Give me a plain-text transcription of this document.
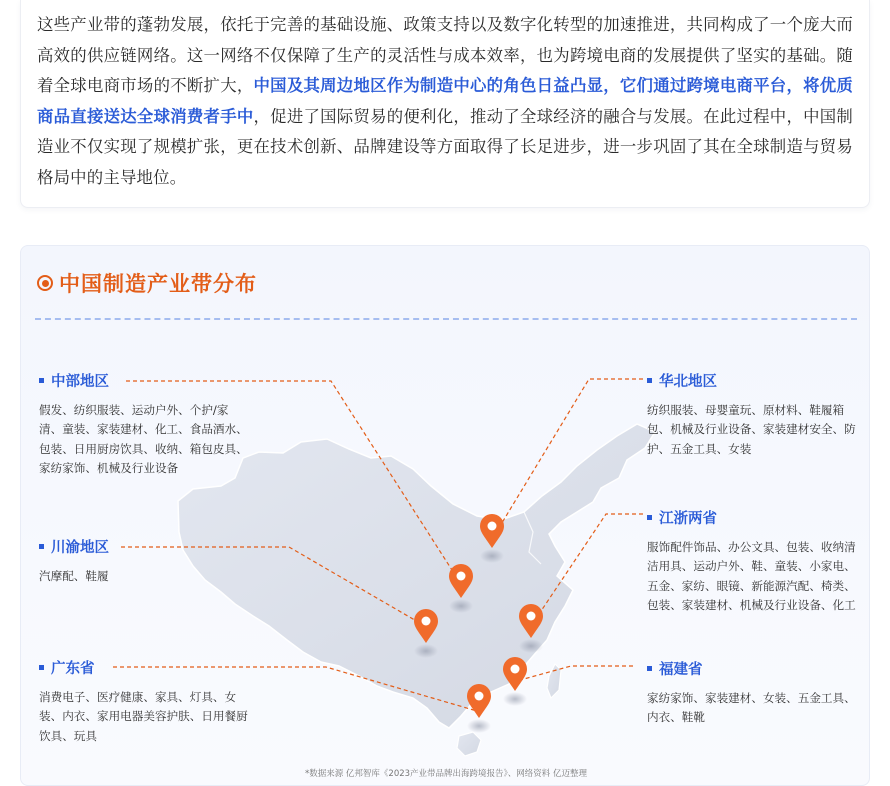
这些产业带的蓬勃发展，依托于完善的基础设施、政策支持以及数字化转型的加速推进，共同构成了一个庞大而高效的供应链网络。这一网络不仅保障了生产的灵活性与成本效率，也为跨境电商的发展提供了坚实的基础。随着全球电商市场的不断扩大，中国及其周边地区作为制造中心的角色日益凸显，它们通过跨境电商平台，将优质商品直接送达全球消费者手中，促进了国际贸易的便利化，推动了全球经济的融合与发展。在此过程中，中国制造业不仅实现了规模扩张，更在技术创新、品牌建设等方面取得了长足进步，进一步巩固了其在全球制造与贸易格局中的主导地位。

中国制造产业带分布
中部地区
假发、纺织服装、运动户外、个护/家清、童装、家装建材、化工、食品酒水、包装、日用厨房饮具、收纳、箱包皮具、家纺家饰、机械及行业设备
川渝地区
汽摩配、鞋履
广东省
消费电子、医疗健康、家具、灯具、女装、内衣、家用电器美容护肤、日用餐厨饮具、玩具
华北地区
纺织服装、母婴童玩、原材料、鞋履箱包、机械及行业设备、家装建材安全、防护、五金工具、女装
江浙两省
服饰配件饰品、办公文具、包装、收纳清洁用具、运动户外、鞋、童装、小家电、五金、家纺、眼镜、新能源汽配、椅类、包装、家装建材、机械及行业设备、化工
福建省
家纺家饰、家装建材、女装、五金工具、内衣、鞋靴
*数据来源 亿邦智库《2023产业带品牌出海跨境报告》、网络资料 亿迈整理
